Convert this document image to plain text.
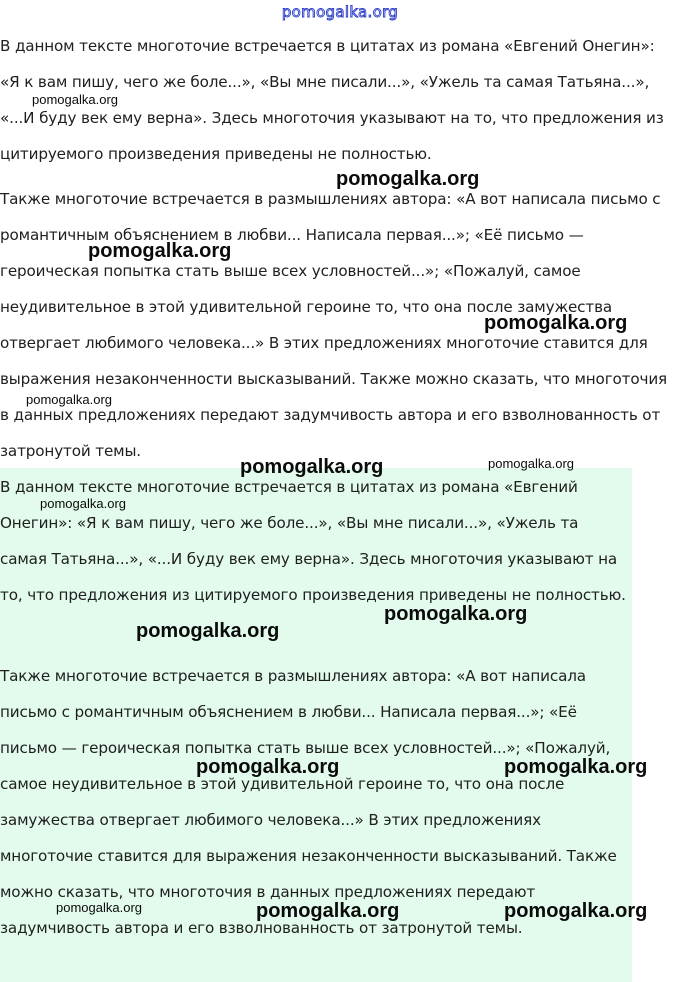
pomogalka.org

В данном тексте многоточие встречается в цитатах из романа «Евгений Онегин»: «Я к вам пишу, чего же боле...», «Вы мне писали...», «Ужель та самая Татьяна...», «...И буду век ему верна». Здесь многоточия указывают на то, что предложения из цитируемого произведения приведены не полностью.

Также многоточие встречается в размышлениях автора: «А вот написала письмо с романтичным объяснением в любви... Написала первая...»; «Её письмо — героическая попытка стать выше всех условностей...»; «Пожалуй, самое неудивительное в этой удивительной героине то, что она после замужества отвергает любимого человека...» В этих предложениях многоточие ставится для выражения незаконченности высказываний. Также можно сказать, что многоточия в данных предложениях передают задумчивость автора и его взволнованность от затронутой темы.

В данном тексте многоточие встречается в цитатах из романа «Евгений Онегин»: «Я к вам пишу, чего же боле...», «Вы мне писали...», «Ужель та самая Татьяна...», «...И буду век ему верна». Здесь многоточия указывают на то, что предложения из цитируемого произведения приведены не полностью.

Также многоточие встречается в размышлениях автора: «А вот написала письмо с романтичным объяснением в любви... Написала первая...»; «Её письмо — героическая попытка стать выше всех условностей...»; «Пожалуй, самое неудивительное в этой удивительной героине то, что она после замужества отвергает любимого человека...» В этих предложениях многоточие ставится для выражения незаконченности высказываний. Также можно сказать, что многоточия в данных предложениях передают задумчивость автора и его взволнованность от затронутой темы.

pomogalka.org
pomogalka.org
pomogalka.org
pomogalka.org
pomogalka.org
pomogalka.org	pomogalka.org
pomogalka.org
pomogalka.org
pomogalka.org
pomogalka.org	pomogalka.org
pomogalka.org	pomogalka.org	pomogalka.org
